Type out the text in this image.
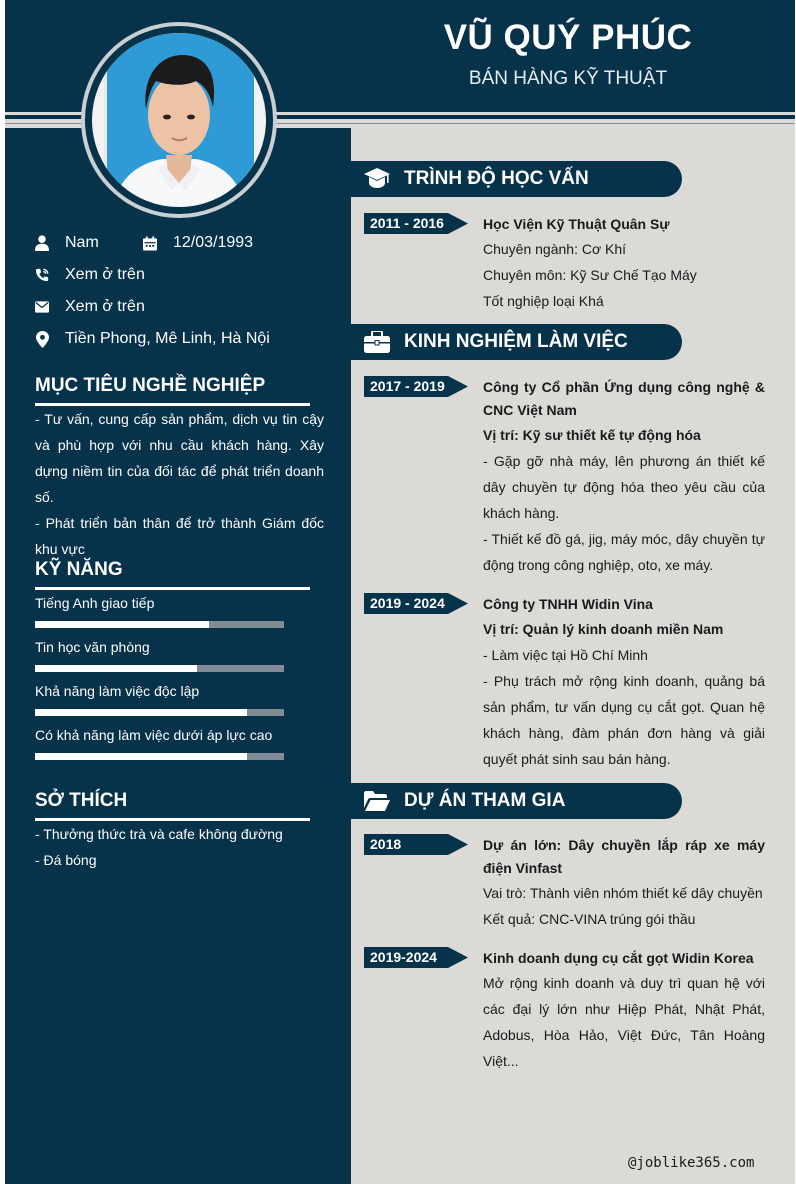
VŨ QUÝ PHÚC
BÁN HÀNG KỸ THUẬT
Nam	12/03/1993
Xem ở trên
Xem ở trên
Tiền Phong, Mê Linh, Hà Nội
MỤC TIÊU NGHỀ NGHIỆP
- Tư vấn, cung cấp sản phẩm, dịch vụ tin cậy và phù hợp với nhu cầu khách hàng. Xây dựng niềm tin của đối tác để phát triển doanh số.
- Phát triển bản thân để trở thành Giám đốc khu vực
KỸ NĂNG
Tiếng Anh giao tiếp
Tin học văn phòng
Khả năng làm việc độc lập
Có khả năng làm việc dưới áp lực cao
SỞ THÍCH
- Thưởng thức trà và cafe không đường
- Đá bóng
TRÌNH ĐỘ HỌC VẤN
2011 - 2016	Học Viện Kỹ Thuật Quân Sự
Chuyên ngành: Cơ Khí
Chuyên môn: Kỹ Sư Chế Tạo Máy
Tốt nghiệp loại Khá
KINH NGHIỆM LÀM VIỆC
2017 - 2019	Công ty Cổ phần Ứng dụng công nghệ & CNC Việt Nam
Vị trí: Kỹ sư thiết kế tự động hóa
- Gặp gỡ nhà máy, lên phương án thiết kế dây chuyền tự động hóa theo yêu cầu của khách hàng.
- Thiết kế đồ gá, jig, máy móc, dây chuyền tự động trong công nghiệp, oto, xe máy.
2019 - 2024	Công ty TNHH Widin Vina
Vị trí: Quản lý kinh doanh miền Nam
- Làm việc tại Hồ Chí Minh
- Phụ trách mở rộng kinh doanh, quảng bá sản phẩm, tư vấn dụng cụ cắt gọt. Quan hệ khách hàng, đàm phán đơn hàng và giải quyết phát sinh sau bán hàng.
DỰ ÁN THAM GIA
2018	Dự án lớn: Dây chuyền lắp ráp xe máy điện Vinfast
Vai trò: Thành viên nhóm thiết kế dây chuyền
Kết quả: CNC-VINA trúng gói thầu
2019-2024	Kinh doanh dụng cụ cắt gọt Widin Korea
Mở rộng kinh doanh và duy trì quan hệ với các đại lý lớn như Hiệp Phát, Nhật Phát, Adobus, Hòa Hảo, Việt Đức, Tân Hoàng Việt...
@joblike365.com
